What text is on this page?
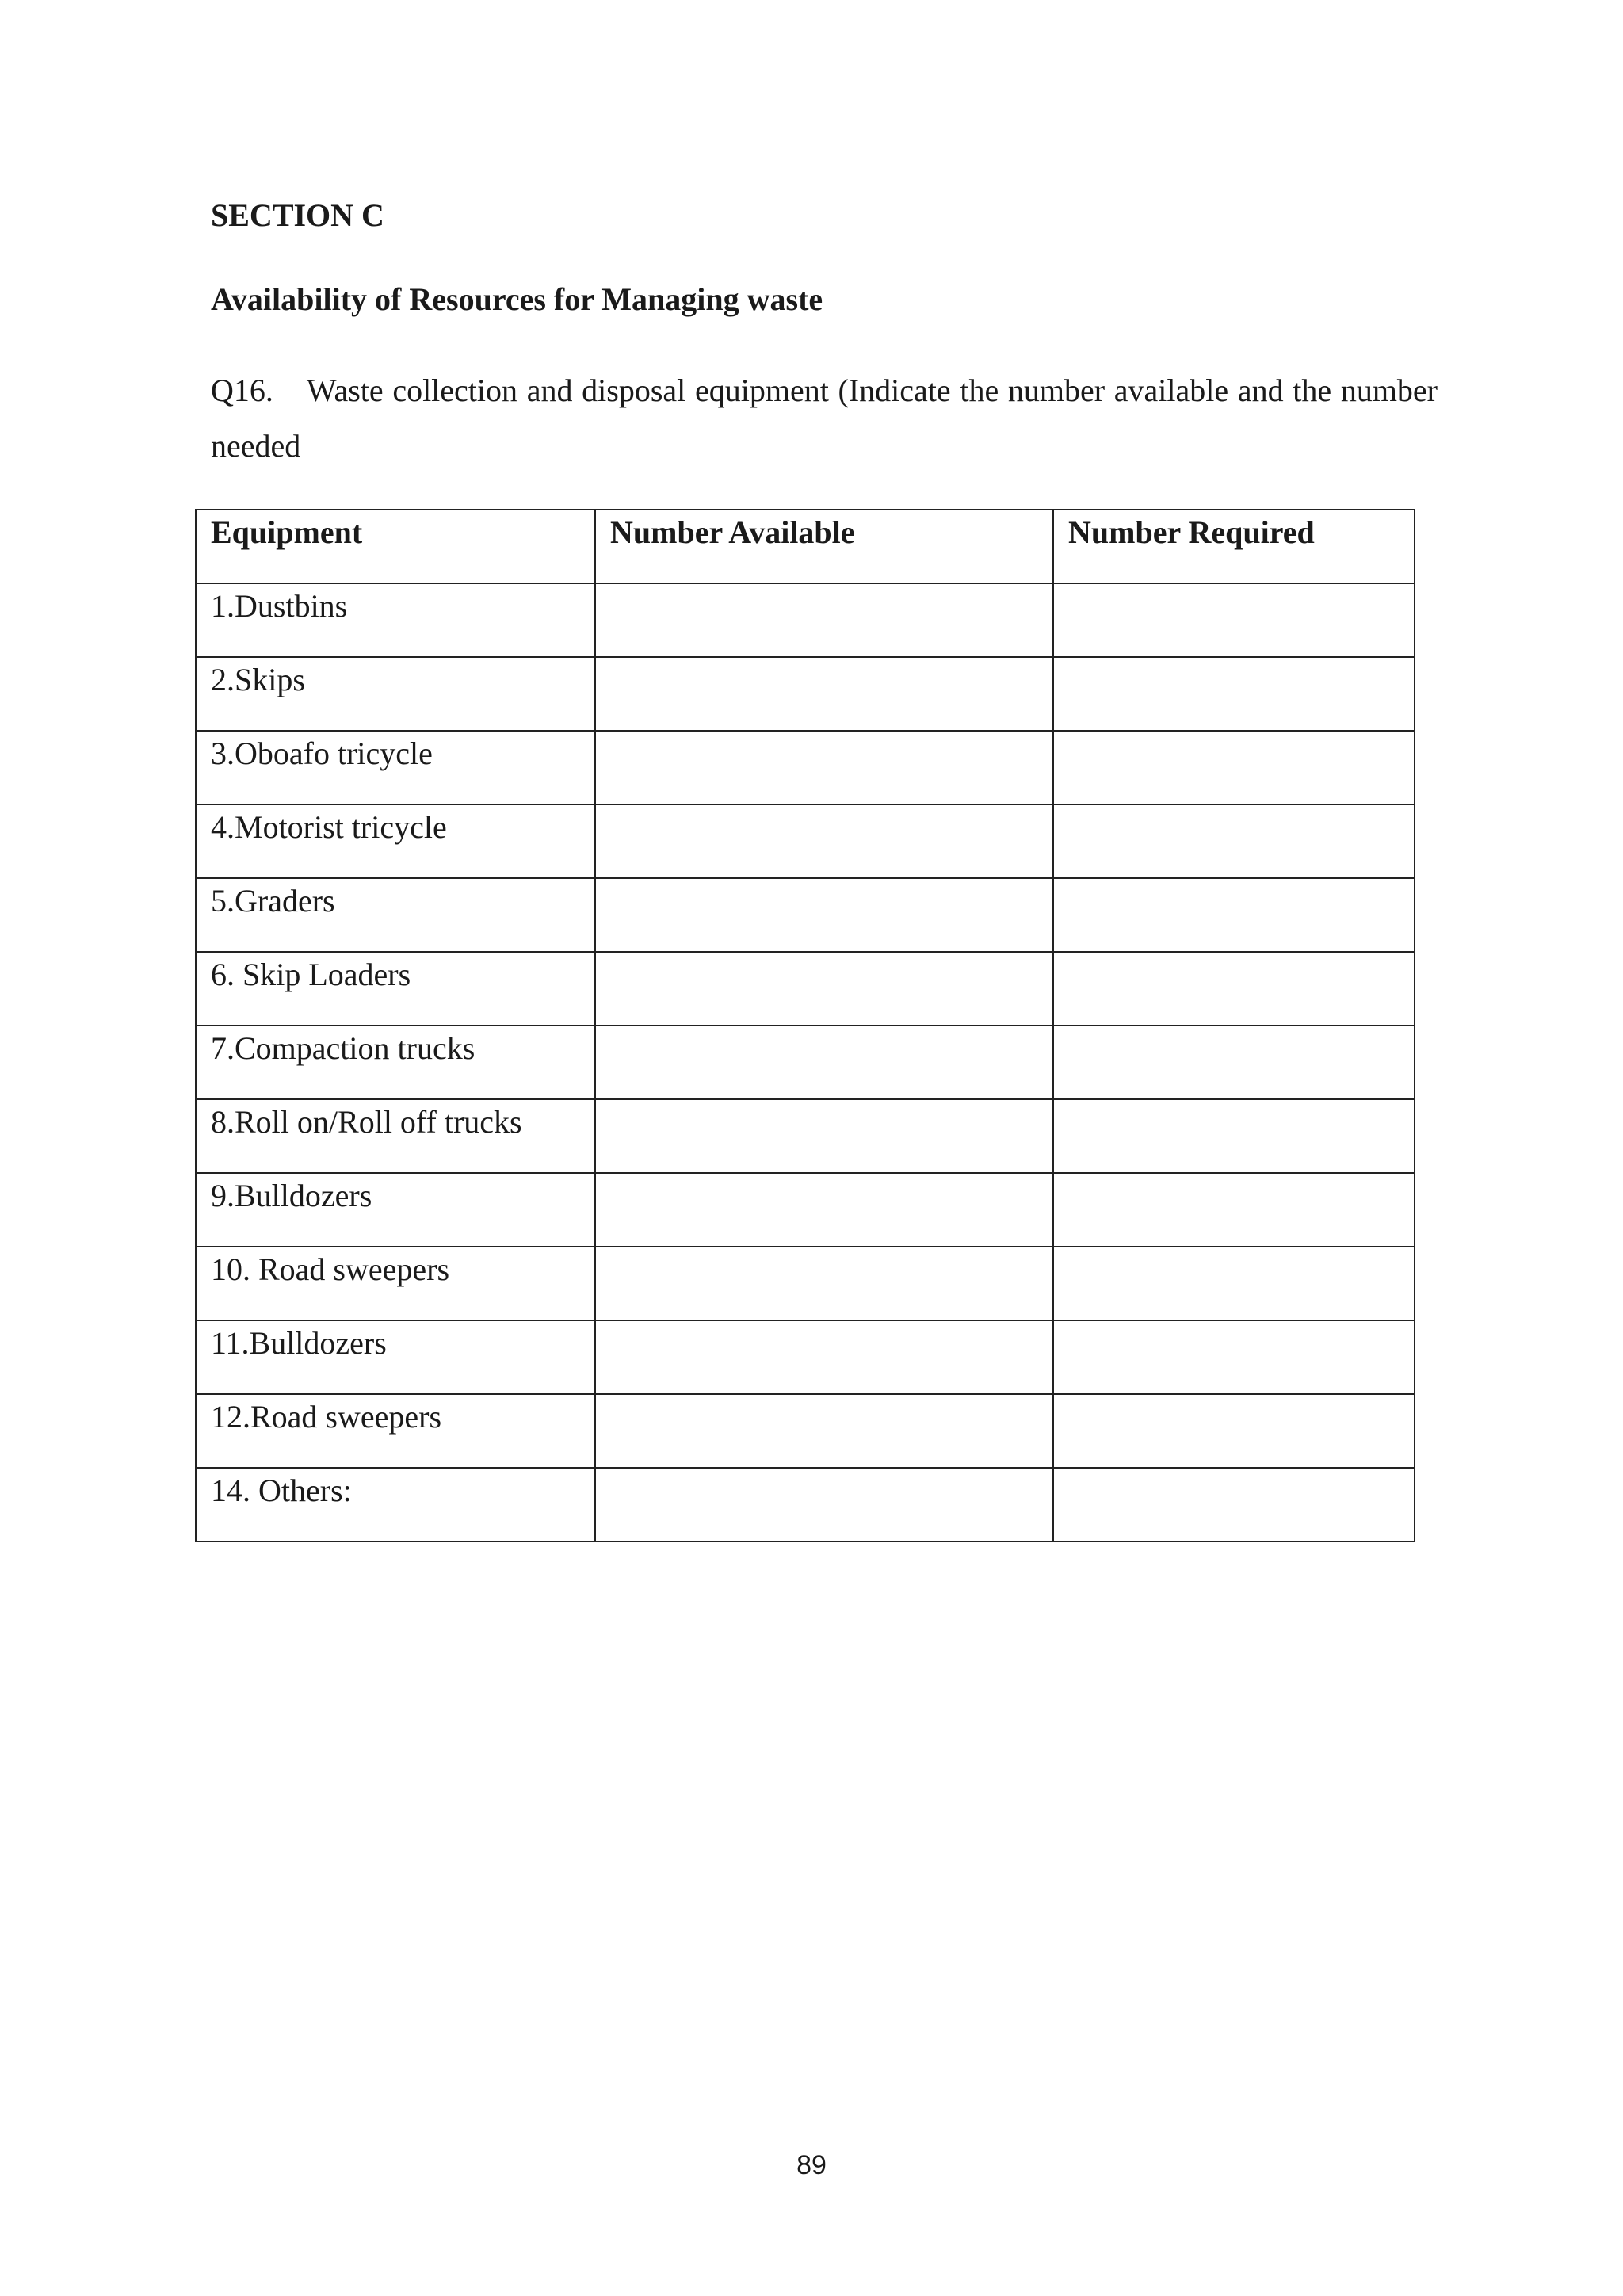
SECTION C
Availability of Resources for Managing waste

Q16. Waste collection and disposal equipment (Indicate the number available and the number needed

Equipment	Number Available	Number Required
1.Dustbins		
2.Skips		
3.Oboafo tricycle		
4.Motorist tricycle		
5.Graders		
6. Skip Loaders		
7.Compaction trucks		
8.Roll on/Roll off trucks		
9.Bulldozers		
10. Road sweepers		
11.Bulldozers		
12.Road sweepers		
14. Others:		
89
